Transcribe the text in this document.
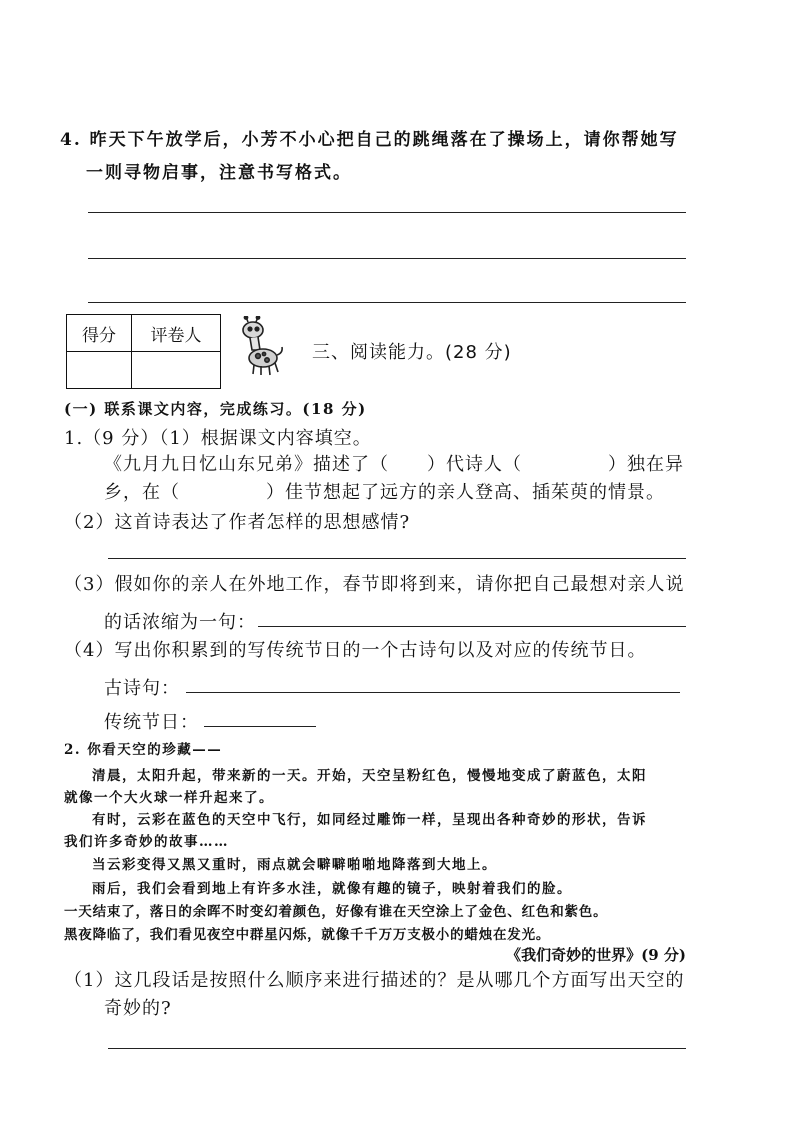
4. 昨天下午放学后，小芳不小心把自己的跳绳落在了操场上，请你帮她写
一则寻物启事，注意书写格式。
得分	评卷人

三、阅读能力。(28 分)
(一) 联系课文内容，完成练习。(18 分)
1.（9 分）（1）根据课文内容填空。
《九月九日忆山东兄弟》描述了（ ）代诗人（	）独在异
乡，在（	）佳节想起了远方的亲人登高、插茱萸的情景。
（2）这首诗表达了作者怎样的思想感情?
（3）假如你的亲人在外地工作，春节即将到来，请你把自己最想对亲人说
的话浓缩为一句：
（4）写出你积累到的写传统节日的一个古诗句以及对应的传统节日。
古诗句：
传统节日：
2. 你看天空的珍藏——
清晨，太阳升起，带来新的一天。开始，天空呈粉红色，慢慢地变成了蔚蓝色，太阳
就像一个大火球一样升起来了。
有时，云彩在蓝色的天空中飞行，如同经过雕饰一样，呈现出各种奇妙的形状，告诉
我们许多奇妙的故事……
当云彩变得又黑又重时，雨点就会噼噼啪啪地降落到大地上。
雨后，我们会看到地上有许多水洼，就像有趣的镜子，映射着我们的脸。
一天结束了，落日的余晖不时变幻着颜色，好像有谁在天空涂上了金色、红色和紫色。
黑夜降临了，我们看见夜空中群星闪烁，就像千千万万支极小的蜡烛在发光。
《我们奇妙的世界》(9 分)
（1）这几段话是按照什么顺序来进行描述的？是从哪几个方面写出天空的
奇妙的?
